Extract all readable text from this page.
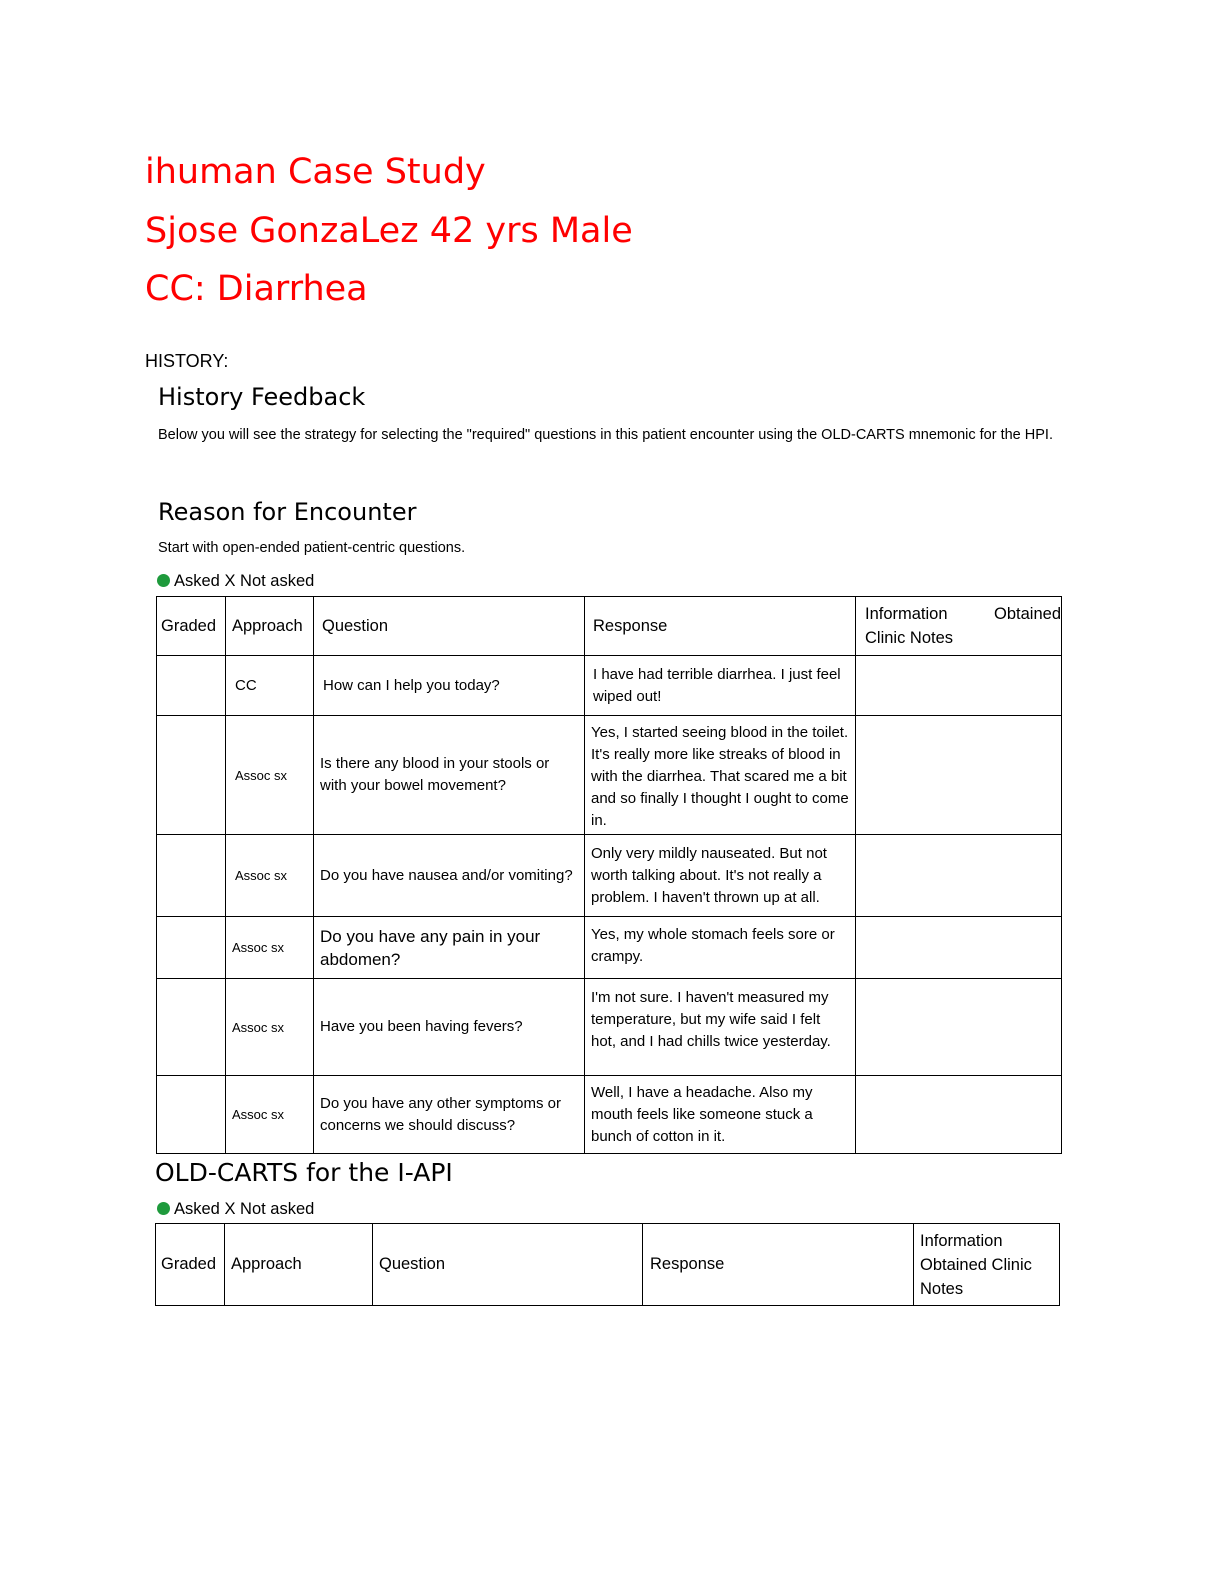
ihuman Case Study
Sjose GonzaLez 42 yrs Male
CC: Diarrhea
HISTORY:
History Feedback

Below you will see the strategy for selecting the "required" questions in this patient encounter using the OLD-CARTS mnemonic for the HPI.

Reason for Encounter

Start with open-ended patient-centric questions.

Asked X Not asked
Graded	Approach	Question	Response	Information Obtained
Clinic Notes

	CC	How can I help you today?	I have had terrible diarrhea. I just feel wiped out!	
	Assoc sx	Is there any blood in your stools or with your bowel movement?	Yes, I started seeing blood in the toilet. It's really more like streaks of blood in with the diarrhea. That scared me a bit and so finally I thought I ought to come in.	
	Assoc sx	Do you have nausea and/or vomiting?	Only very mildly nauseated. But not worth talking about. It's not really a problem. I haven't thrown up at all.	
	Assoc sx	Do you have any pain in your abdomen?	Yes, my whole stomach feels sore or crampy.	
	Assoc sx	Have you been having fevers?	I'm not sure. I haven't measured my temperature, but my wife said I felt hot, and I had chills twice yesterday.	
	Assoc sx	Do you have any other symptoms or concerns we should discuss?	Well, I have a headache. Also my mouth feels like someone stuck a bunch of cotton in it.	
OLD-CARTS for the I-API
Asked X Not asked
Graded	Approach	Question	Response	Information Obtained Clinic Notes
